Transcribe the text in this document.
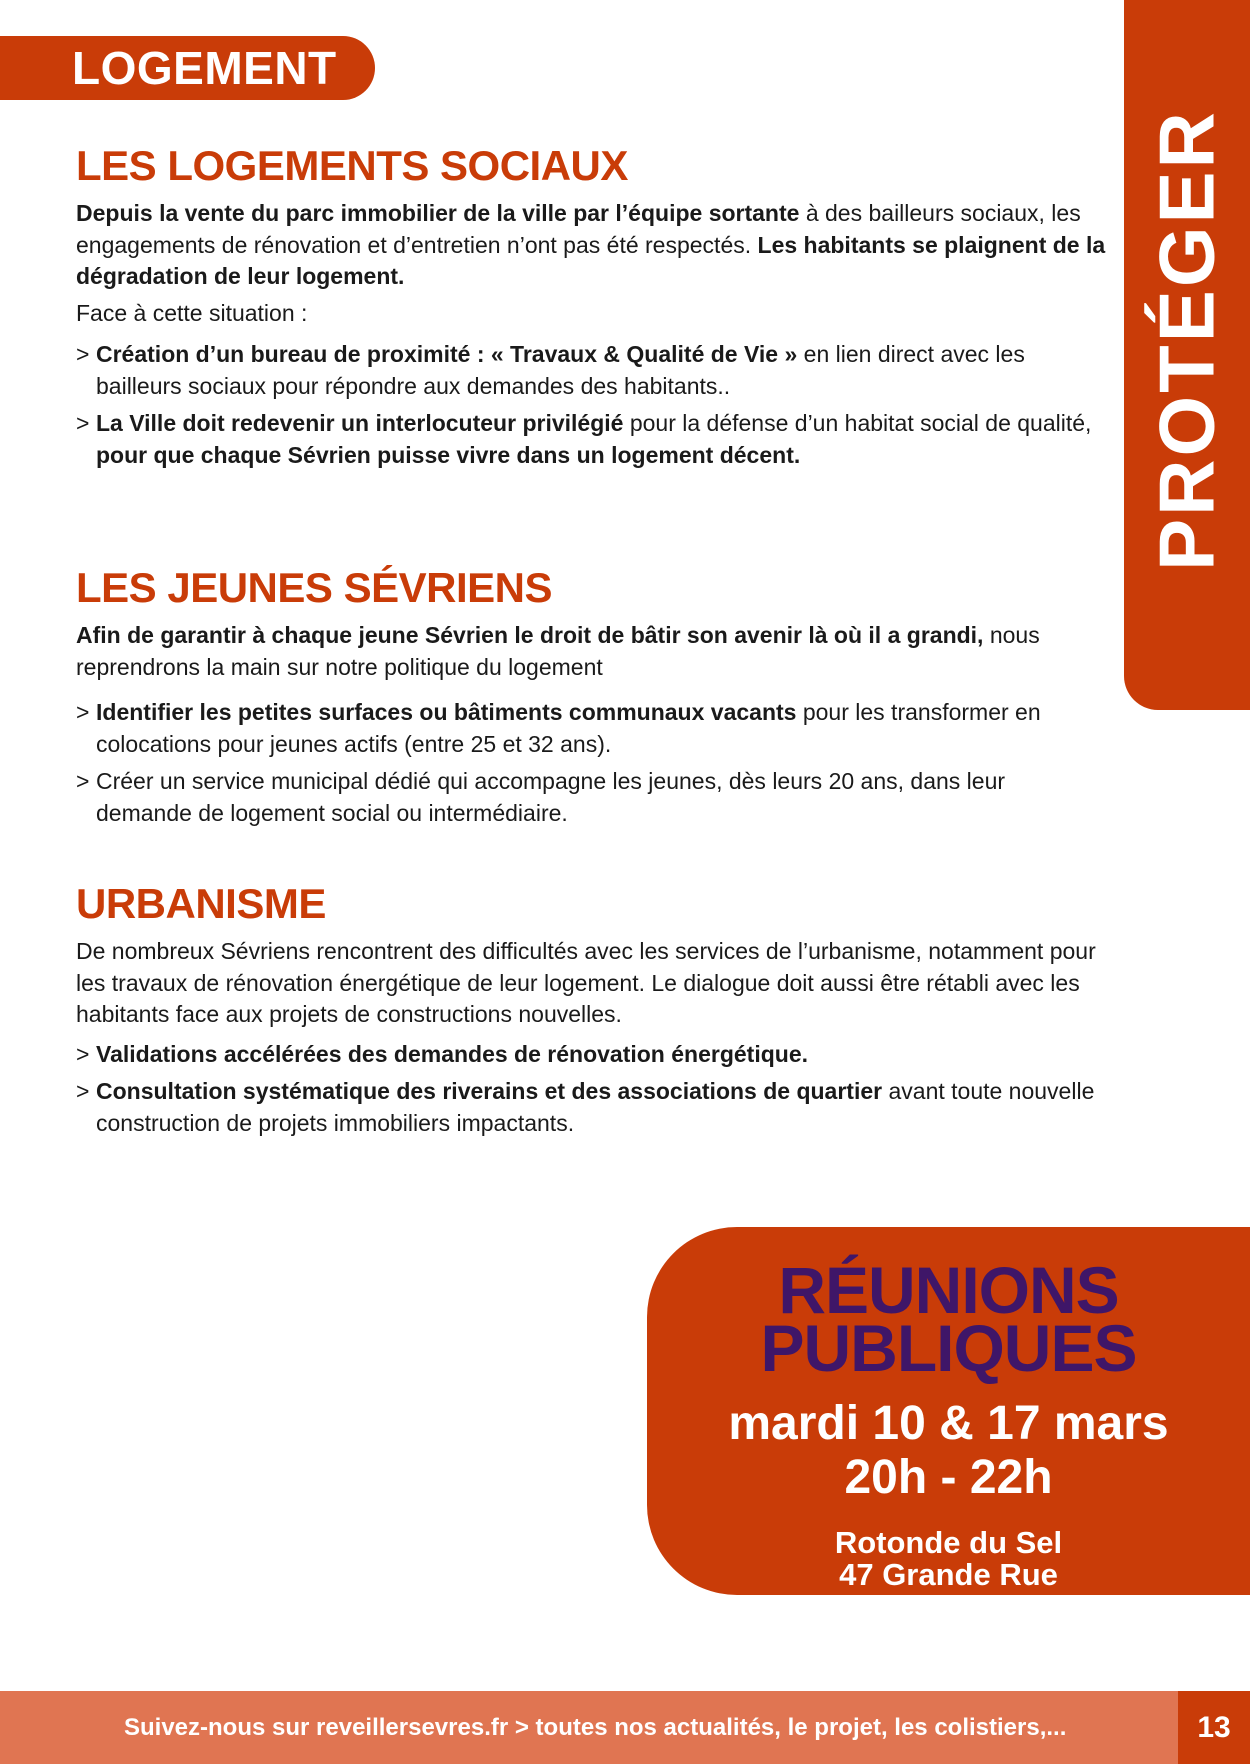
LOGEMENT
PROTÉGER
LES LOGEMENTS SOCIAUX

Depuis la vente du parc immobilier de la ville par l’équipe sortante à des bailleurs sociaux, les engagements de rénovation et d’entretien n’ont pas été respectés. Les habitants se plaignent de la dégradation de leur logement.

Face à cette situation :

> Création d’un bureau de proximité : « Travaux & Qualité de Vie » en lien direct avec les bailleurs sociaux pour répondre aux demandes des habitants..
> La Ville doit redevenir un interlocuteur privilégié pour la défense d’un habitat social de qualité, pour que chaque Sévrien puisse vivre dans un logement décent.
LES JEUNES SÉVRIENS

Afin de garantir à chaque jeune Sévrien le droit de bâtir son avenir là où il a grandi, nous reprendrons la main sur notre politique du logement

> Identifier les petites surfaces ou bâtiments communaux vacants pour les transformer en colocations pour jeunes actifs (entre 25 et 32 ans).
> Créer un service municipal dédié qui accompagne les jeunes, dès leurs 20 ans, dans leur demande de logement social ou intermédiaire.
URBANISME

De nombreux Sévriens rencontrent des difficultés avec les services de l’urbanisme, notamment pour les travaux de rénovation énergétique de leur logement. Le dialogue doit aussi être rétabli avec les habitants face aux projets de constructions nouvelles.

> Validations accélérées des demandes de rénovation énergétique.
> Consultation systématique des riverains et des associations de quartier avant toute nouvelle construction de projets immobiliers impactants.
RÉUNIONS
PUBLIQUES
mardi 10 & 17 mars
20h - 22h
Rotonde du Sel
47 Grande Rue
Suivez-nous sur reveillersevres.fr > toutes nos actualités, le projet, les colistiers,...	13
